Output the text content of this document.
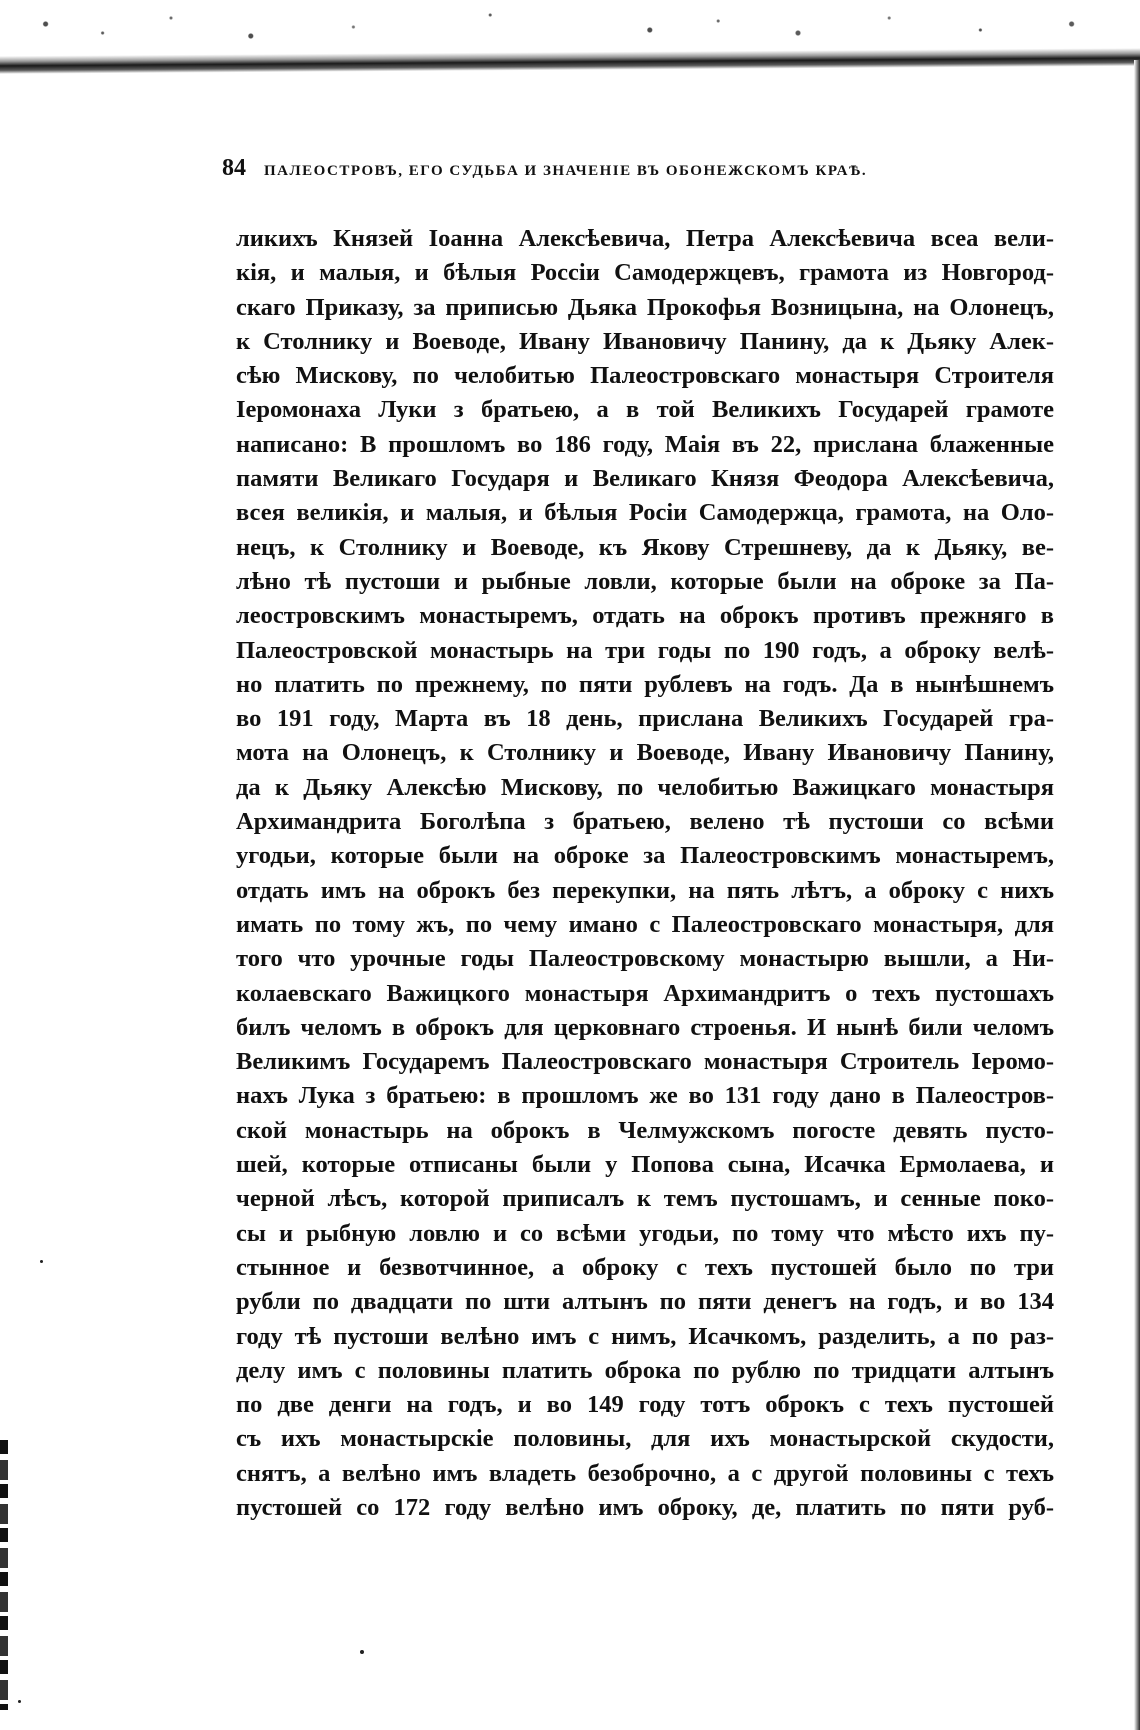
84 ПАЛЕОСТРОВЪ, ЕГО СУДЬБА И ЗНАЧЕНІЕ ВЪ ОБОНЕЖСКОМЪ КРАѢ.
ликихъ Князей Іоанна Алексѣевича, Петра Алексѣевича всеа вели-
кія, и малыя, и бѣлыя Россіи Самодержцевъ, грамота из Новгород-
скаго Приказу, за приписью Дьяка Прокофья Возницына, на Олонецъ,
к Столнику и Воеводе, Ивану Ивановичу Панину, да к Дьяку Алек-
сѣю Мискову, по челобитью Палеостровскаго монастыря Строителя
Іеромонаха Луки з братьею, а в той Великихъ Государей грамоте
написано: В прошломъ во 186 году, Маія въ 22, прислана блаженные
памяти Великаго Государя и Великаго Князя Феодора Алексѣевича,
всея великія, и малыя, и бѣлыя Росіи Самодержца, грамота, на Оло-
нецъ, к Столнику и Воеводе, къ Якову Стрешневу, да к Дьяку, ве-
лѣно тѣ пустоши и рыбные ловли, которые были на оброке за Па-
леостровскимъ монастыремъ, отдать на оброкъ противъ прежняго в
Палеостровской монастырь на три годы по 190 годъ, а оброку велѣ-
но платить по прежнему, по пяти рублевъ на годъ. Да в нынѣшнемъ
во 191 году, Марта въ 18 день, прислана Великихъ Государей гра-
мота на Олонецъ, к Столнику и Воеводе, Ивану Ивановичу Панину,
да к Дьяку Алексѣю Мискову, по челобитью Важицкаго монастыря
Архимандрита Боголѣпа з братьею, велено тѣ пустоши со всѣми
угодьи, которые были на оброке за Палеостровскимъ монастыремъ,
отдать имъ на оброкъ без перекупки, на пять лѣтъ, а оброку с нихъ
имать по тому жъ, по чему имано с Палеостровскаго монастыря, для
того что урочные годы Палеостровскому монастырю вышли, а Ни-
колаевскаго Важицкого монастыря Архимандритъ о техъ пустошахъ
билъ челомъ в оброкъ для церковнаго строенья. И нынѣ били челомъ
Великимъ Государемъ Палеостровскаго монастыря Строитель Іеромо-
нахъ Лука з братьею: в прошломъ же во 131 году дано в Палеостров-
ской монастырь на оброкъ в Челмужскомъ погосте девять пусто-
шей, которые отписаны были у Попова сына, Исачка Ермолаева, и
черной лѣсъ, которой приписалъ к темъ пустошамъ, и сенные поко-
сы и рыбную ловлю и со всѣми угодьи, по тому что мѣсто ихъ пу-
стынное и безвотчинное, а оброку с техъ пустошей было по три
рубли по двадцати по шти алтынъ по пяти денегъ на годъ, и во 134
году тѣ пустоши велѣно имъ с нимъ, Исачкомъ, разделить, а по раз-
делу имъ с половины платить оброка по рублю по тридцати алтынъ
по две денги на годъ, и во 149 году тотъ оброкъ с техъ пустошей
съ ихъ монастырскіе половины, для ихъ монастырской скудости,
снятъ, а велѣно имъ владеть безоброчно, а с другой половины с техъ
пустошей со 172 году велѣно имъ оброку, де, платить по пяти руб-
